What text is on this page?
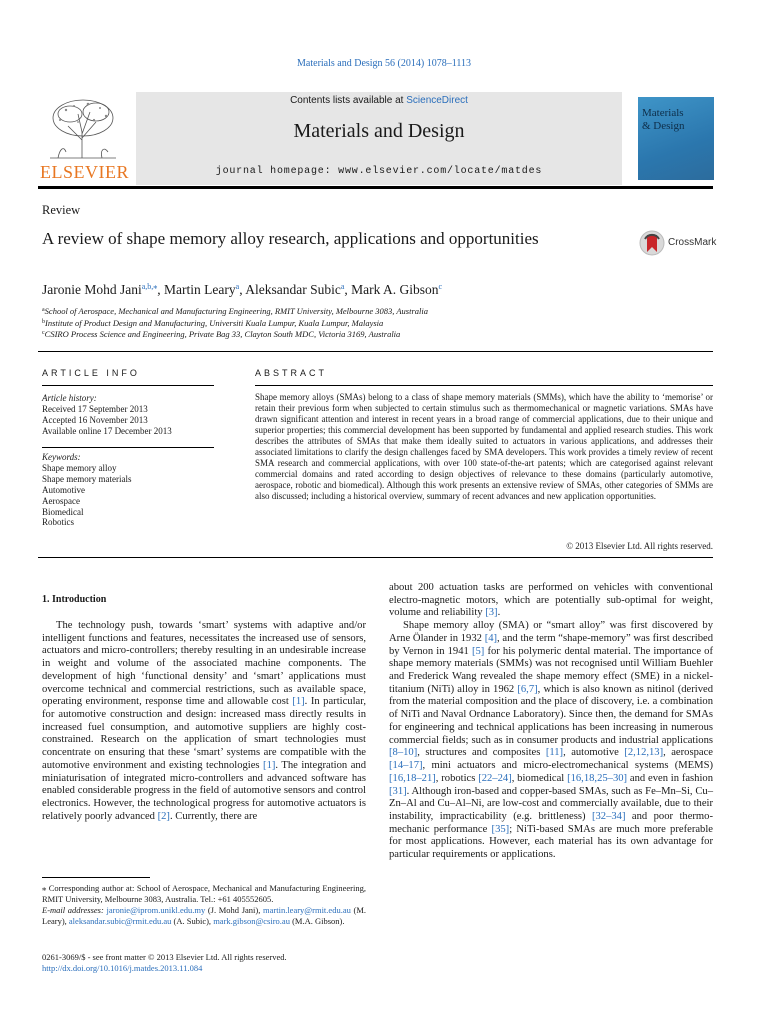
Materials and Design 56 (2014) 1078–1113
ELSEVIER
Contents lists available at ScienceDirect
Materials and Design
journal homepage: www.elsevier.com/locate/matdes
Materials
& Design
Review
A review of shape memory alloy research, applications and opportunities	CrossMark
Jaronie Mohd Jani$^{a,b,⁎}$, Martin Leary$^a$, Aleksandar Subic$^a$, Mark A. Gibson$^c$
$^a$School of Aerospace, Mechanical and Manufacturing Engineering, RMIT University, Melbourne 3083, Australia
$^b$Institute of Product Design and Manufacturing, Universiti Kuala Lumpur, Kuala Lumpur, Malaysia
$^c$CSIRO Process Science and Engineering, Private Bag 33, Clayton South MDC, Victoria 3169, Australia
ARTICLE INFO
Article history:
Received 17 September 2013
Accepted 16 November 2013
Available online 17 December 2013
Keywords:
Shape memory alloy
Shape memory materials
Automotive
Aerospace
Biomedical
Robotics
ABSTRACT
Shape memory alloys (SMAs) belong to a class of shape memory materials (SMMs), which have the ability to ‘memorise’ or retain their previous form when subjected to certain stimulus such as thermomechanical or magnetic variations. SMAs have drawn significant attention and interest in recent years in a broad range of commercial applications, due to their unique and superior properties; this commercial development has been supported by fundamental and applied research studies. This work describes the attributes of SMAs that make them ideally suited to actuators in various applications, and addresses their associated limitations to clarify the design challenges faced by SMA developers. This work provides a timely review of recent SMA research and commercial applications, with over 100 state-of-the-art patents; which are categorised against relevant commercial domains and rated according to design objectives of relevance to these domains (particularly automotive, aerospace, robotic and biomedical). Although this work presents an extensive review of SMAs, other categories of SMMs are also discussed; including a historical overview, summary of recent advances and new application opportunities.
© 2013 Elsevier Ltd. All rights reserved.
1. Introduction

The technology push, towards ‘smart’ systems with adaptive and/or intelligent functions and features, necessitates the increased use of sensors, actuators and micro-controllers; thereby resulting in an undesirable increase in weight and volume of the associated machine components. The development of high ‘functional density’ and ‘smart’ applications must overcome technical and commercial restrictions, such as available space, operating environment, response time and allowable cost [1]. In particular, for automotive construction and design: increased mass directly results in increased fuel consumption, and automotive suppliers are highly cost-constrained. Research on the application of smart technologies must concentrate on ensuring that these ‘smart’ systems are compatible with the automotive environment and existing technologies [1]. The integration and miniaturisation of integrated micro-controllers and advanced software has enabled considerable progress in the field of automotive sensors and control electronics. However, the technological progress for automotive actuators is relatively poorly advanced [2]. Currently, there are

about 200 actuation tasks are performed on vehicles with conventional electro-magnetic motors, which are potentially sub-optimal for weight, volume and reliability [3].

Shape memory alloy (SMA) or “smart alloy” was first discovered by Arne Ölander in 1932 [4], and the term “shape-memory” was first described by Vernon in 1941 [5] for his polymeric dental material. The importance of shape memory materials (SMMs) was not recognised until William Buehler and Frederick Wang revealed the shape memory effect (SME) in a nickel-titanium (NiTi) alloy in 1962 [6,7], which is also known as nitinol (derived from the material composition and the place of discovery, i.e. a combination of NiTi and Naval Ordnance Laboratory). Since then, the demand for SMAs for engineering and technical applications has been increasing in numerous commercial fields; such as in consumer products and industrial applications [8–10], structures and composites [11], automotive [2,12,13], aerospace [14–17], mini actuators and micro-electromechanical systems (MEMS) [16,18–21], robotics [22–24], biomedical [16,18,25–30] and even in fashion [31]. Although iron-based and copper-based SMAs, such as Fe–Mn–Si, Cu–Zn–Al and Cu–Al–Ni, are low-cost and commercially available, due to their instability, impracticability (e.g. brittleness) [32–34] and poor thermo-mechanic performance [35]; NiTi-based SMAs are much more preferable for most applications. However, each material has its own advantage for particular requirements or applications.

⁎ Corresponding author at: School of Aerospace, Mechanical and Manufacturing Engineering, RMIT University, Melbourne 3083, Australia. Tel.: +61 405552605.
E-mail addresses: jaronie@iprom.unikl.edu.my (J. Mohd Jani), martin.leary@rmit.edu.au (M. Leary), aleksandar.subic@rmit.edu.au (A. Subic), mark.gibson@csiro.au (M.A. Gibson).
0261-3069/$ - see front matter © 2013 Elsevier Ltd. All rights reserved.
http://dx.doi.org/10.1016/j.matdes.2013.11.084
